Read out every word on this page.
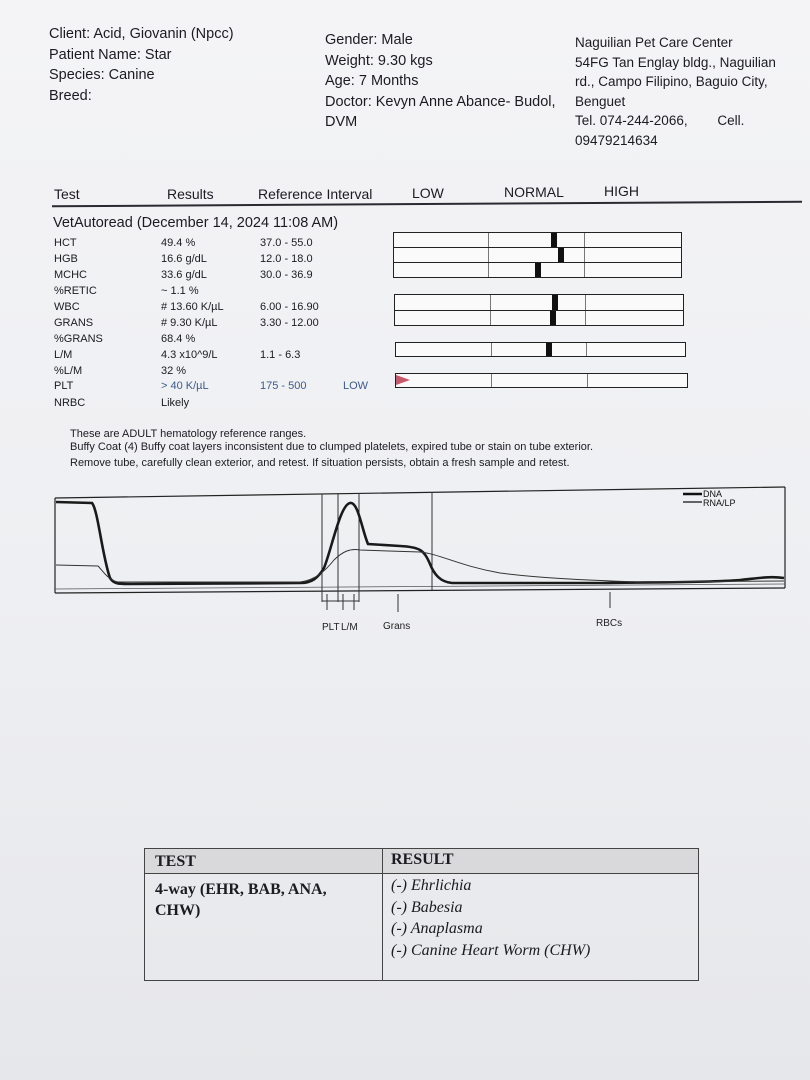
Client: Acid, Giovanin (Npcc)
Patient Name: Star
Species: Canine
Breed:
Gender: Male
Weight: 9.30 kgs
Age: 7 Months
Doctor: Kevyn Anne Abance- Budol,
DVM
Naguilian Pet Care Center
54FG Tan Englay bldg., Naguilian
rd., Campo Filipino, Baguio City,
Benguet
Tel. 074-244-2066, Cell.
09479214634
Test	Results	Reference Interval	LOW	NORMAL	HIGH
VetAutoread (December 14, 2024 11:08 AM)
HCT	49.4 %	37.0 - 55.0
HGB	16.6 g/dL	12.0 - 18.0
MCHC	33.6 g/dL	30.0 - 36.9
%RETIC	~ 1.1 %
WBC	# 13.60 K/µL	6.00 - 16.90
GRANS	# 9.30 K/µL	3.30 - 12.00
%GRANS	68.4 %
L/M	4.3 x10^9/L	1.1 - 6.3
%L/M	32 %
PLT	> 40 K/µL	175 - 500	LOW
NRBC	Likely
These are ADULT hematology reference ranges.
Buffy Coat (4) Buffy coat layers inconsistent due to clumped platelets, expired tube or stain on tube exterior.
Remove tube, carefully clean exterior, and retest. If situation persists, obtain a fresh sample and retest.
DNA
RNA/LP
PLT L/M	Grans	RBCs
TEST	RESULT
4-way (EHR, BAB, ANA,
CHW)
(-) Ehrlichia
(-) Babesia
(-) Anaplasma
(-) Canine Heart Worm (CHW)
